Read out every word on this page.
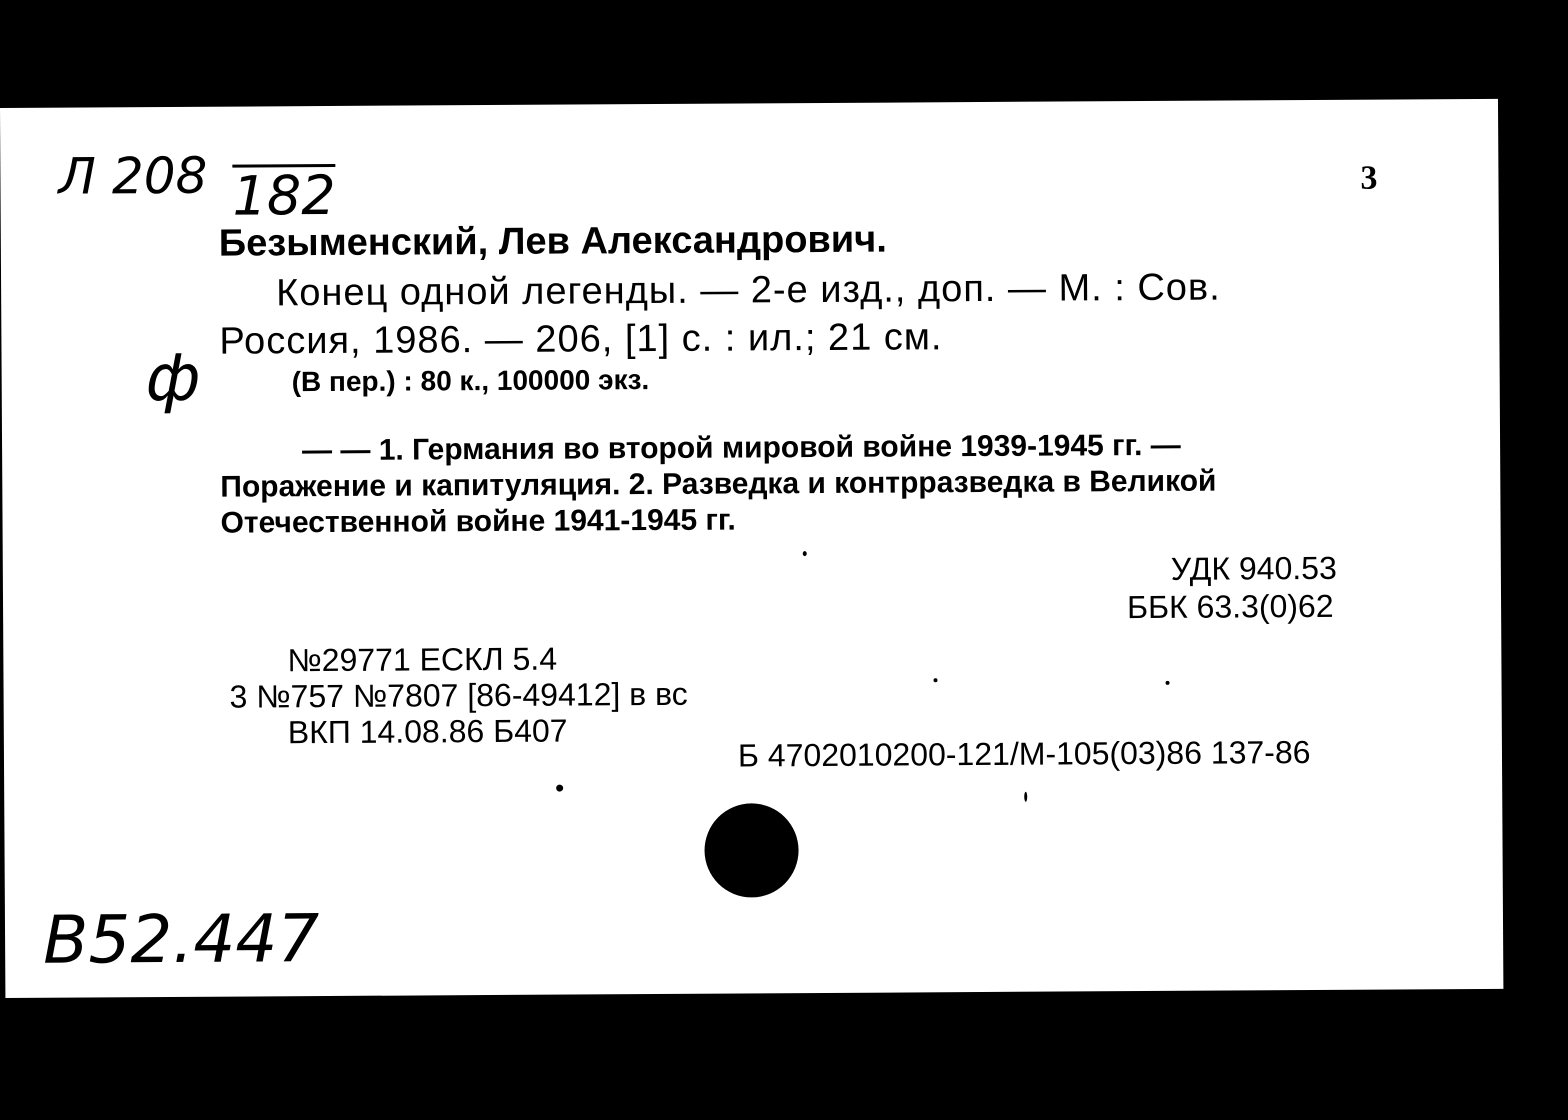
Л 208 182	3
Безыменский, Лев Александрович.
Конец одной легенды. — 2-е изд., доп. — М. : Сов.
Россия, 1986. — 206, [1] с. : ил.; 21 см.
ф	(В пер.) : 80 к., 100000 экз.
— — 1. Германия во второй мировой войне 1939-1945 гг. —
Поражение и капитуляция. 2. Разведка и контрразведка в Великой
Отечественной войне 1941-1945 гг.
УДК 940.53
ББК 63.3(0)62
№29771 ЕСКЛ 5.4
3 №757 №7807 [86-49412] в вс
ВКП 14.08.86 Б407
Б 4702010200-121/М-105(03)86 137-86
B52.447
